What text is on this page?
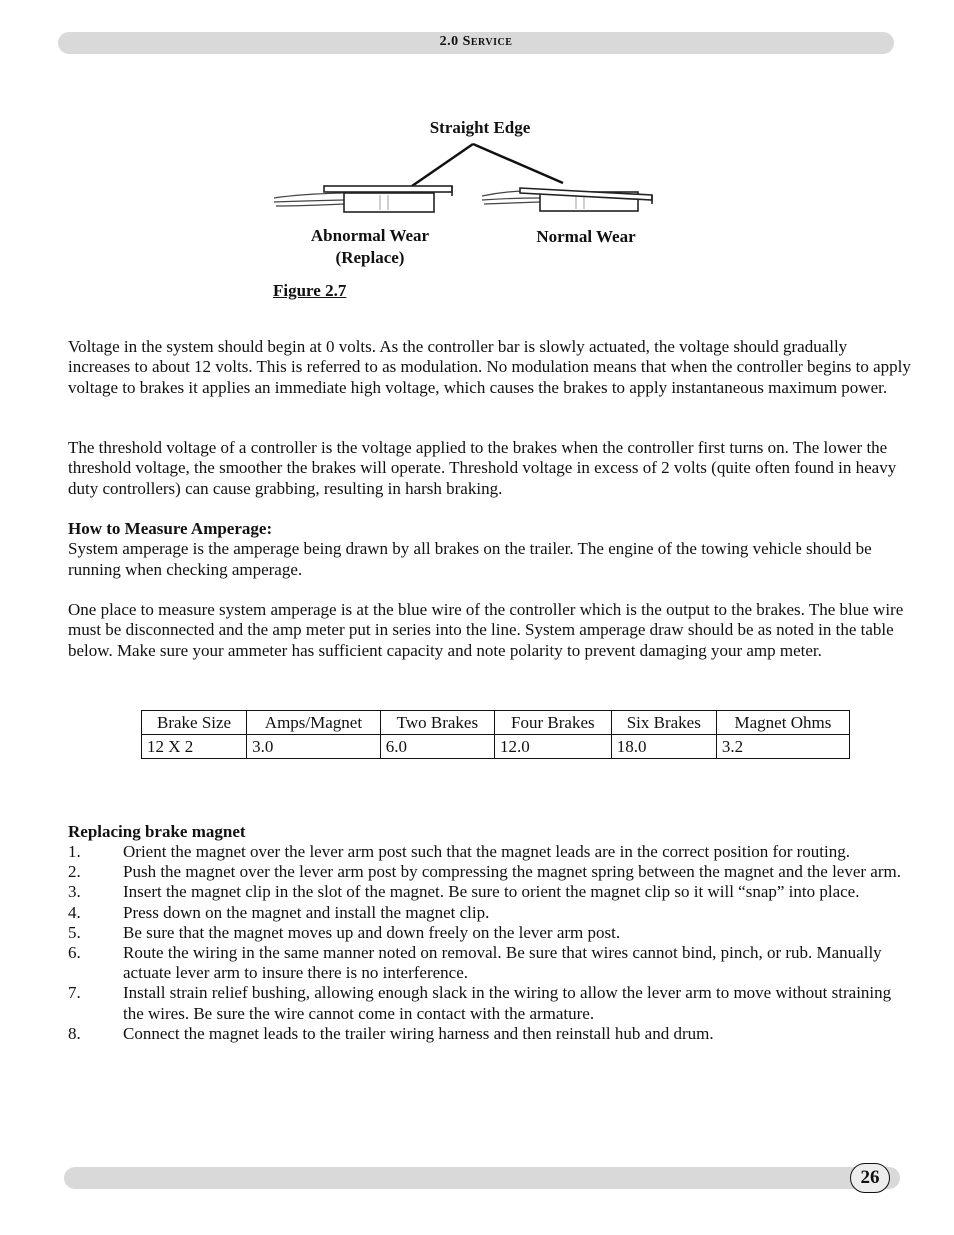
2.0 Service
Straight Edge
Abnormal Wear
(Replace)
Normal Wear
Figure 2.7

Voltage in the system should begin at 0 volts. As the controller bar is slowly actuated, the voltage should gradually increases to about 12 volts. This is referred to as modulation. No modulation means that when the controller begins to apply voltage to brakes it applies an immediate high voltage, which causes the brakes to apply instantaneous maximum power.

The threshold voltage of a controller is the voltage applied to the brakes when the controller first turns on. The lower the threshold voltage, the smoother the brakes will operate. Threshold voltage in excess of 2 volts (quite often found in heavy duty controllers) can cause grabbing, resulting in harsh braking.

How to Measure Amperage:

System amperage is the amperage being drawn by all brakes on the trailer. The engine of the towing vehicle should be running when checking amperage.

One place to measure system amperage is at the blue wire of the controller which is the output to the brakes. The blue wire must be disconnected and the amp meter put in series into the line. System amperage draw should be as noted in the table below. Make sure your ammeter has sufficient capacity and note polarity to prevent damaging your amp meter.

Brake Size	Amps/Magnet	Two Brakes	Four Brakes	Six Brakes	Magnet Ohms
12 X 2	3.0	6.0	12.0	18.0	3.2

Replacing brake magnet

1. Orient the magnet over the lever arm post such that the magnet leads are in the correct position for routing.
2. Push the magnet over the lever arm post by compressing the magnet spring between the magnet and the lever arm.
3. Insert the magnet clip in the slot of the magnet. Be sure to orient the magnet clip so it will “snap” into place.
4. Press down on the magnet and install the magnet clip.
5. Be sure that the magnet moves up and down freely on the lever arm post.
6. Route the wiring in the same manner noted on removal. Be sure that wires cannot bind, pinch, or rub. Manually actuate lever arm to insure there is no interference.
7. Install strain relief bushing, allowing enough slack in the wiring to allow the lever arm to move without straining the wires. Be sure the wire cannot come in contact with the armature.
8. Connect the magnet leads to the trailer wiring harness and then reinstall hub and drum.
26
